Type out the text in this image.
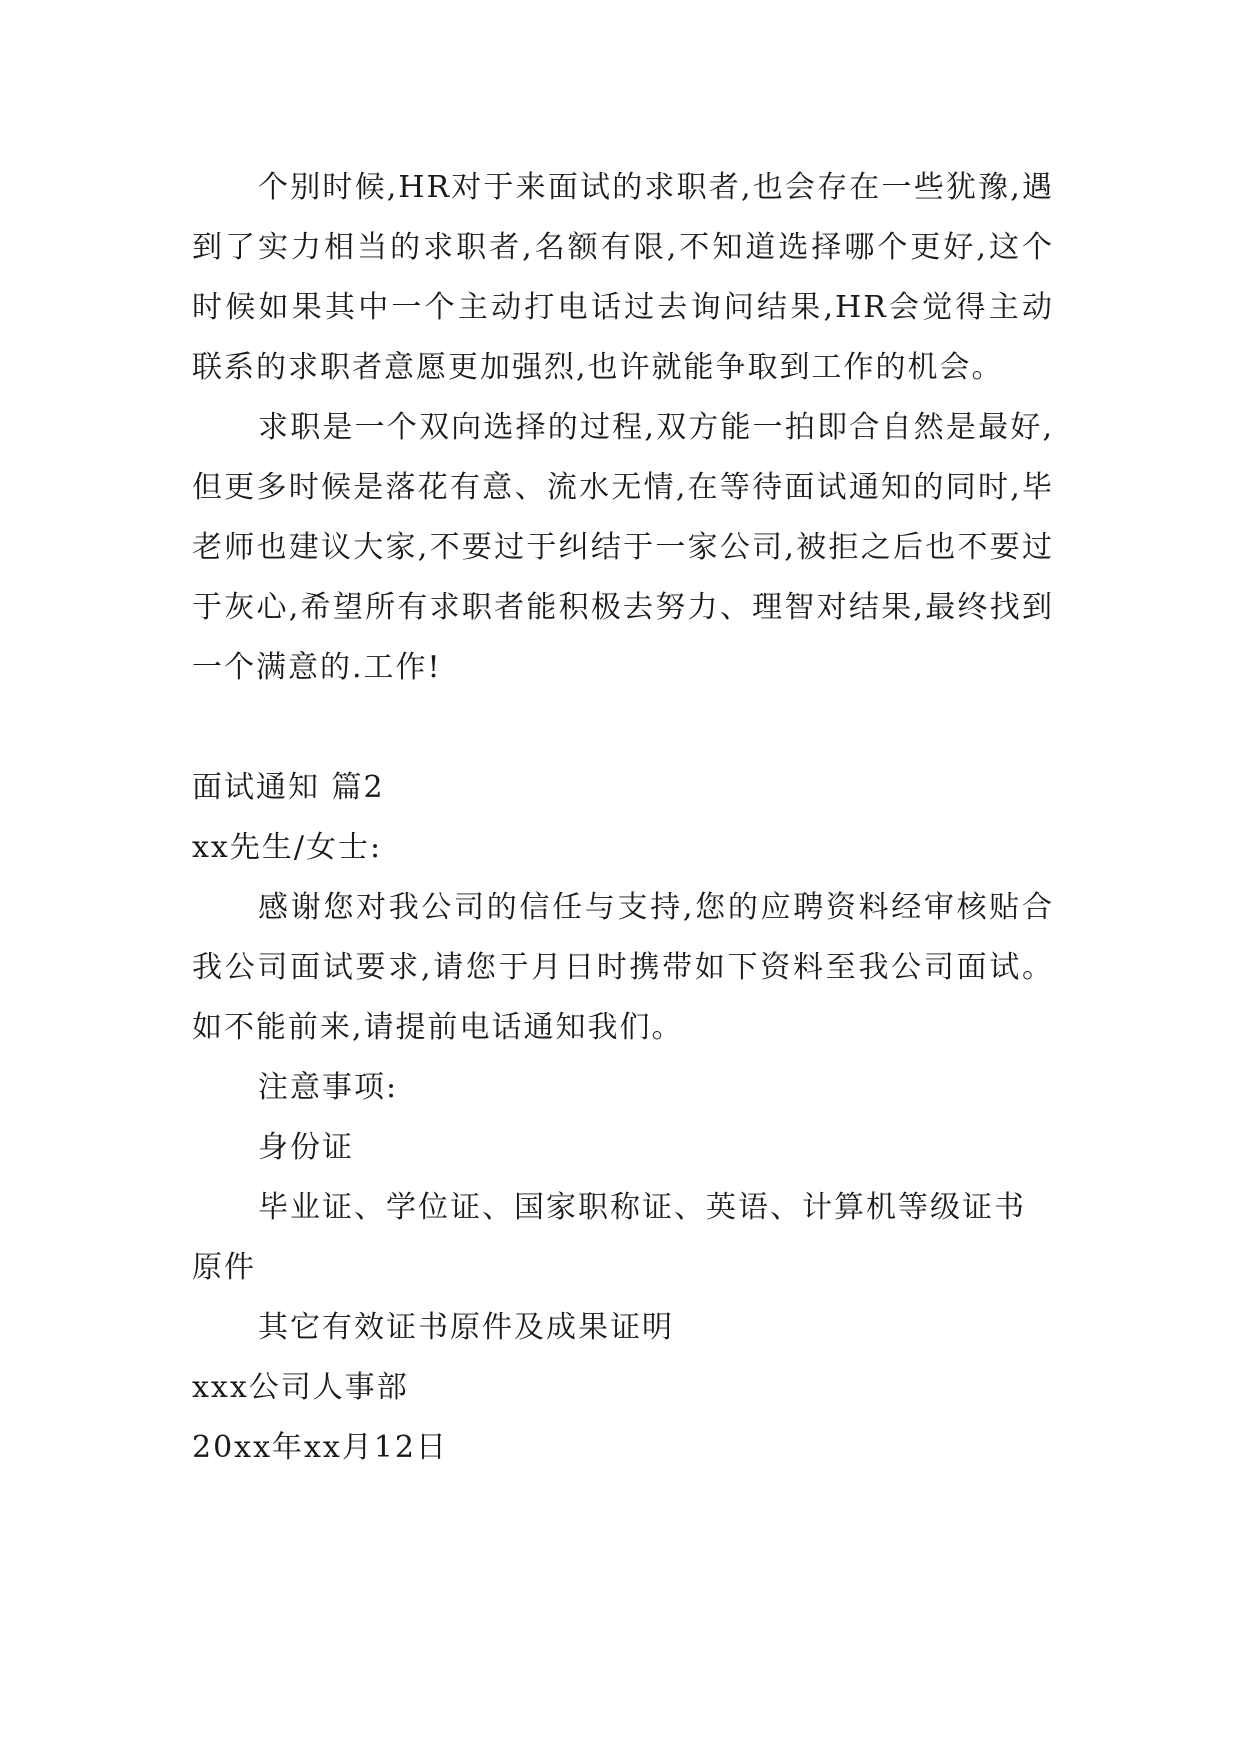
个别时候,HR对于来面试的求职者,也会存在一些犹豫,遇到了实力相当的求职者,名额有限,不知道选择哪个更好,这个时候如果其中一个主动打电话过去询问结果,HR会觉得主动联系的求职者意愿更加强烈,也许就能争取到工作的机会。

求职是一个双向选择的过程,双方能一拍即合自然是最好,但更多时候是落花有意、流水无情,在等待面试通知的同时,毕老师也建议大家,不要过于纠结于一家公司,被拒之后也不要过于灰心,希望所有求职者能积极去努力、理智对结果,最终找到一个满意的.工作!

面试通知 篇2

xx先生/女士:

感谢您对我公司的信任与支持,您的应聘资料经审核贴合我公司面试要求,请您于月日时携带如下资料至我公司面试。如不能前来,请提前电话通知我们。

注意事项:

身份证

毕业证、学位证、国家职称证、英语、计算机等级证书原件

其它有效证书原件及成果证明

xxx公司人事部

20xx年xx月12日
